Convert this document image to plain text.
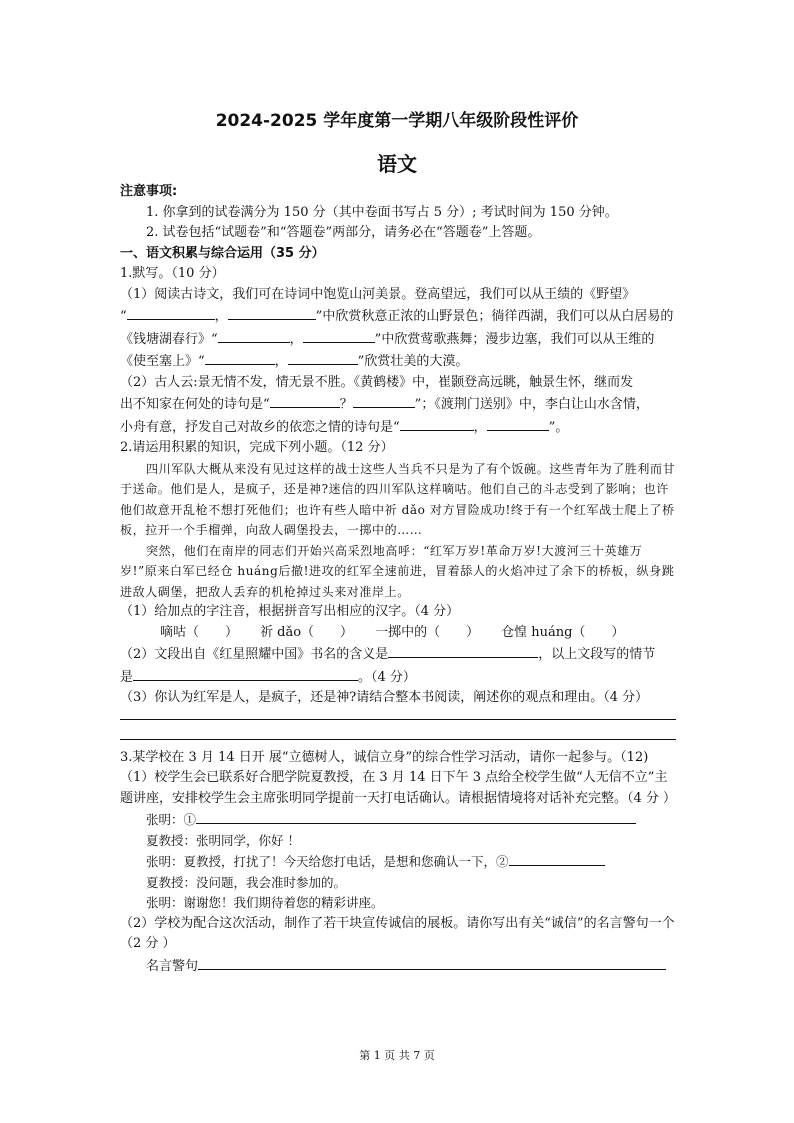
2024-2025 学年度第一学期八年级阶段性评价
语文

注意事项:

1. 你拿到的试卷满分为 150 分（其中卷面书写占 5 分）; 考试时间为 150 分钟。

2. 试卷包括“试题卷”和“答题卷”两部分，请务必在“答题卷”上答题。

一、语文积累与综合运用（35 分）

1.默写。（10 分）

（1）阅读古诗文，我们可在诗词中饱览山河美景。登高望远，我们可以从王绩的《野望》

“	，	”中欣赏秋意正浓的山野景色；徜徉西湖，我们可以从白居易的

《钱塘湖春行》“	，	”中欣赏莺歌燕舞；漫步边塞，我们可以从王维的

《使至塞上》“	，	”欣赏壮美的大漠。

（2）古人云:景无情不发，情无景不胜。《黄鹤楼》中，崔颢登高远眺，触景生怀，继而发

出不知家在何处的诗句是“	？	”；《渡荆门送别》中，李白让山水含情，

小舟有意，抒发自己对故乡的依恋之情的诗句是“	，	”。

2.请运用积累的知识，完成下列小题。（12 分）

四川军队大概从来没有见过这样的战士这些人当兵不只是为了有个饭碗。这些青年为了胜利而甘于送命。他们是人，是疯子，还是神?迷信的四川军队这样嘀咕。他们自己的斗志受到了影响；也许他们故意开乱枪不想打死他们；也许有些人暗中祈 dǎo 对方冒险成功!终于有一个红军战士爬上了桥板，拉开一个手榴弹，向敌人碉堡投去，一掷中的……

突然，他们在南岸的同志们开始兴高采烈地高呼：“红军万岁!革命万岁!大渡河三十英雄万岁!”原来白军已经仓 huáng后撤!进攻的红军全速前进，冒着舔人的火焰冲过了余下的桥板，纵身跳进敌人碉堡，把敌人丢弃的机枪掉过头来对准岸上。

（1）给加点的字注音，根据拼音写出相应的汉字。（4 分）

嘀咕（　　） 祈 dǎo（　　） 一掷中的（　　） 仓惶 huáng（　　）

（2）文段出自《红星照耀中国》书名的含义是	，以上文段写的情节

是	。（4 分）

（3）你认为红军是人，是疯子，还是神?请结合整本书阅读，阐述你的观点和理由。（4 分）

3.某学校在 3 月 14 日开 展“立德树人，诚信立身”的综合性学习活动，请你一起参与。（12)

（1）校学生会已联系好合肥学院夏教授，在 3 月 14 日下午 3 点给全校学生做“人无信不立”主题讲座，安排校学生会主席张明同学提前一天打电话确认。请根据情境将对话补充完整。（4 分 ）

张明：①

夏教授：张明同学，你好 ！

张明：夏教授，打扰了！今天给您打电话，是想和您确认一下，②

夏教授：没问题，我会准时参加的。

张明：谢谢您！我们期待着您的精彩讲座。

（2）学校为配合这次活动，制作了若干块宣传诚信的展板。请你写出有关“诚信”的名言警句一个（2 分 ）

名言警句

第 1 页 共 7 页
